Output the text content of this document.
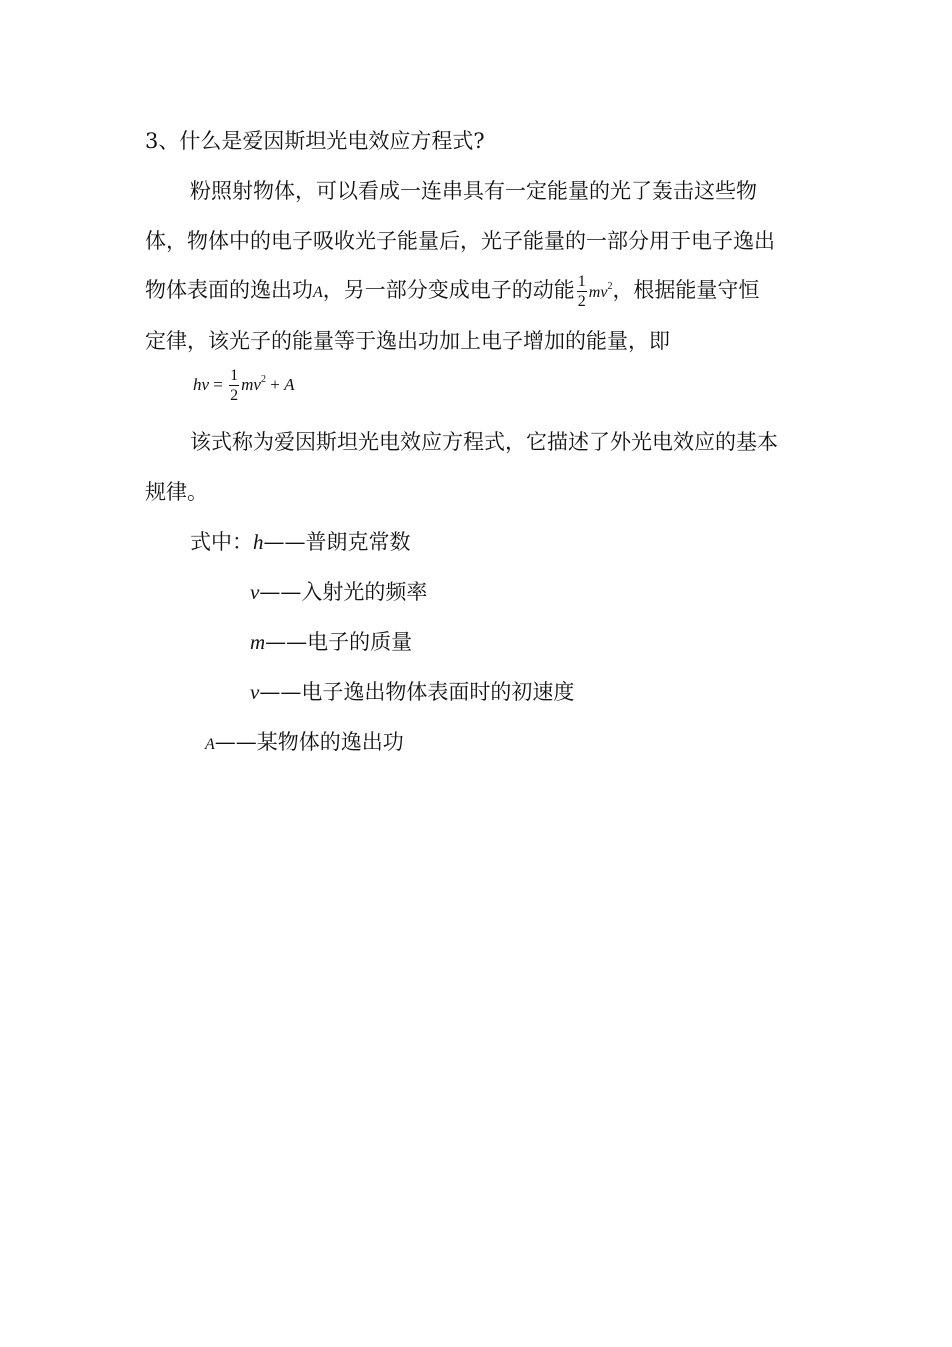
3、什么是爱因斯坦光电效应方程式?
粉照射物体，可以看成一连串具有一定能量的光了轰击这些物
体，物体中的电子吸收光子能量后，光子能量的一部分用于电子逸出
物体表面的逸出功A，另一部分变成电子的动能 $\frac{1}{2} mv^2$，根据能量守恒
定律，该光子的能量等于逸出功加上电子增加的能量，即
$h\nu = \frac{1}{2} mv^2 + A$
该式称为爱因斯坦光电效应方程式，它描述了外光电效应的基本
规律。
式中：h——普朗克常数
ν——入射光的频率
m——电子的质量
v——电子逸出物体表面时的初速度
A——某物体的逸出功
